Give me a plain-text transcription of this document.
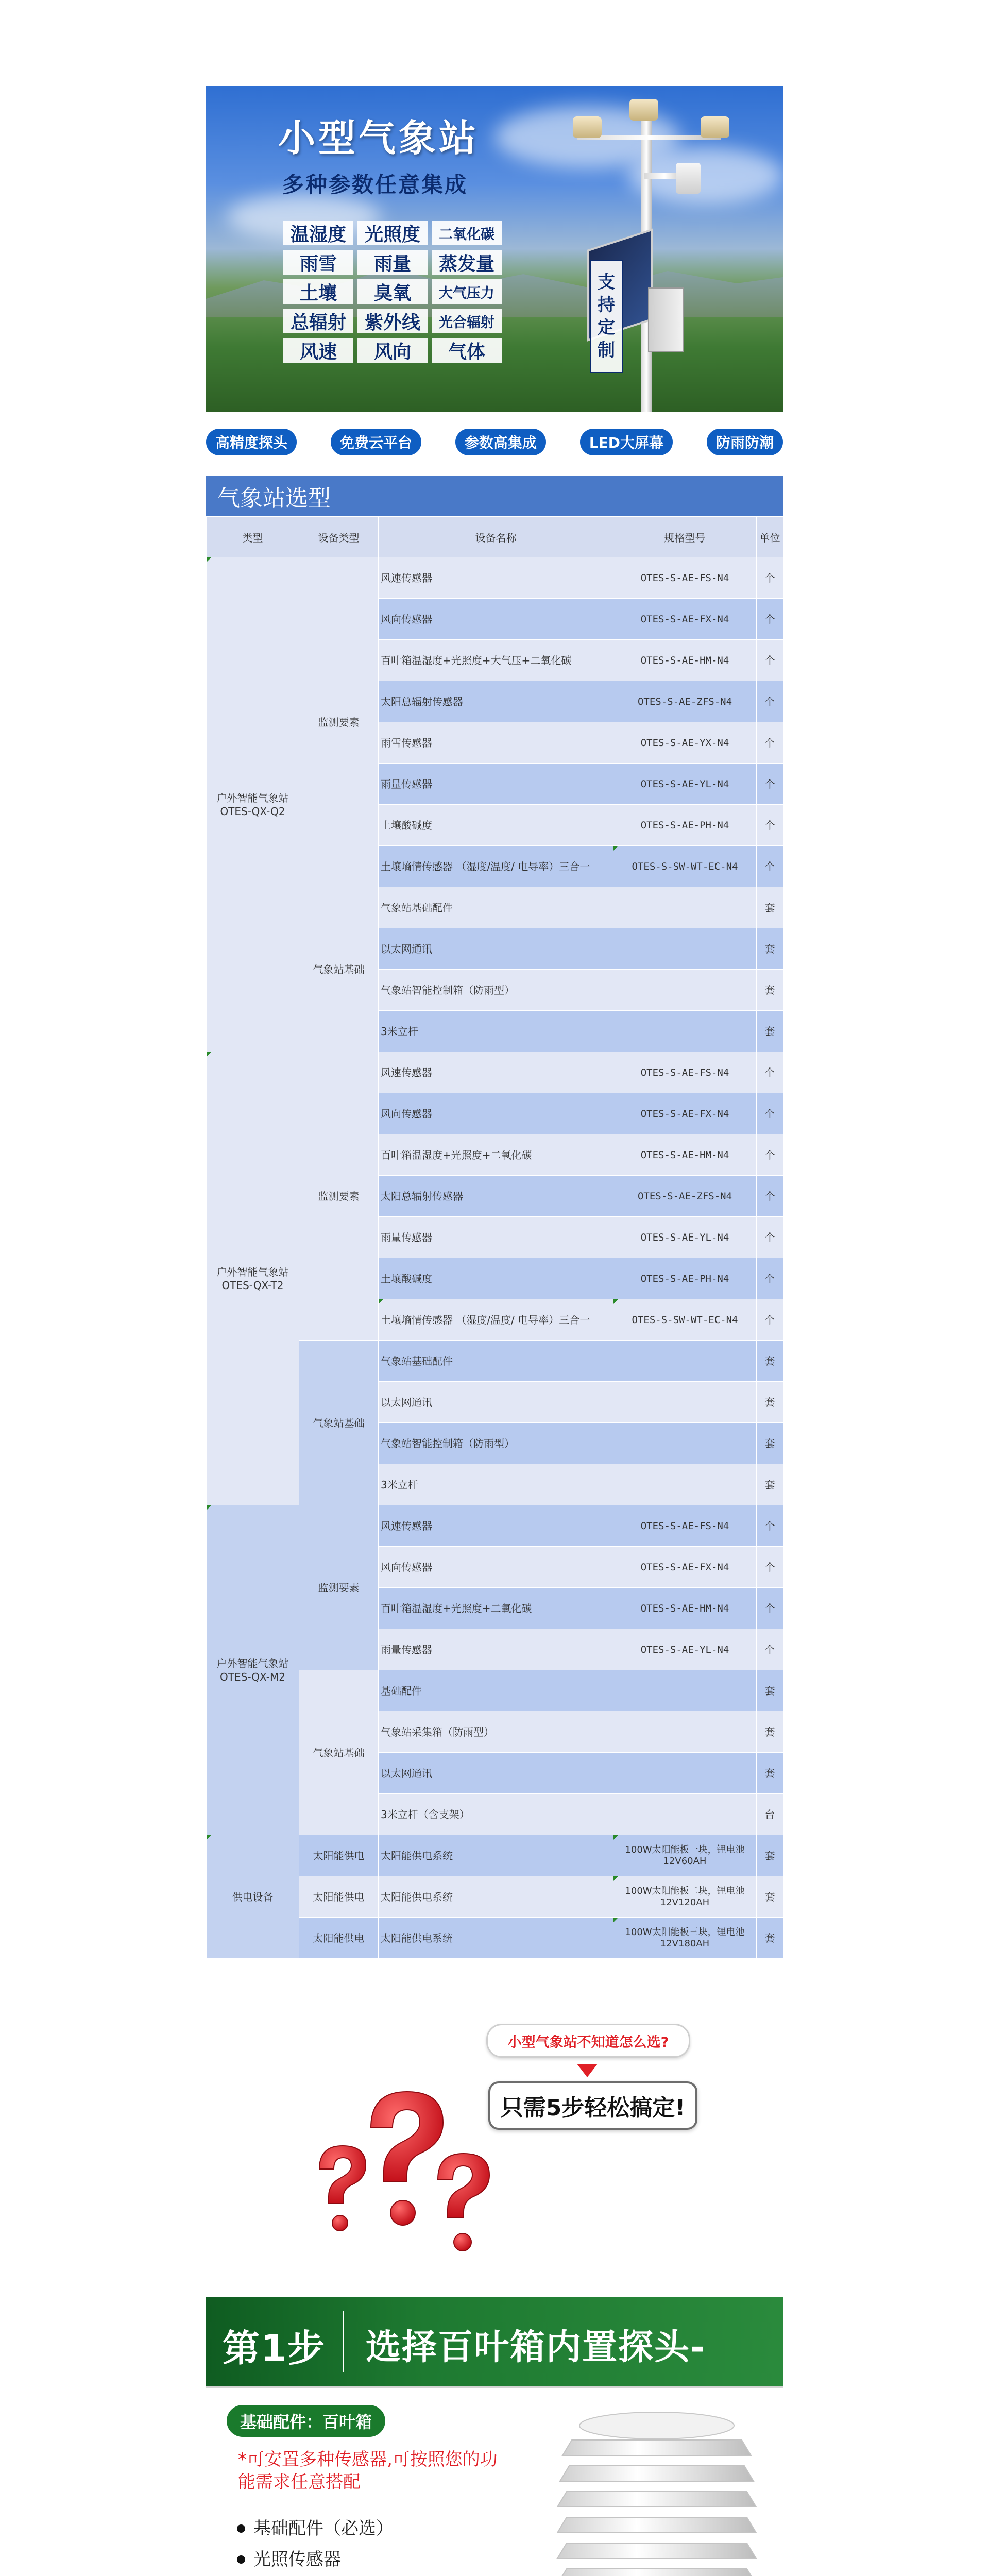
小型气象站
多种参数任意集成
温湿度 光照度	二氧化碳
雨雪	雨量	蒸发量
土壤	臭氧	大气压力
总辐射 紫外线	光合辐射
风速	风向	气体
支持定制
高精度探头	免费云平台	参数高集成	LED大屏幕	防雨防潮
气象站选型
类型	设备类型	设备名称	规格型号	单位
户外智能气象站
OTES-QX-Q2	监测要素	风速传感器	OTES-S-AE-FS-N4	个
		风向传感器	OTES-S-AE-FX-N4	个
		百叶箱温湿度+光照度+大气压+二氧化碳	OTES-S-AE-HM-N4	个
		太阳总辐射传感器	OTES-S-AE-ZFS-N4	个
		雨雪传感器	OTES-S-AE-YX-N4	个
		雨量传感器	OTES-S-AE-YL-N4	个
		土壤酸碱度	OTES-S-AE-PH-N4	个
		土壤墒情传感器 （湿度/温度/ 电导率）三合一	OTES-S-SW-WT-EC-N4	个
	气象站基础	气象站基础配件		套
		以太网通讯		套
		气象站智能控制箱（防雨型）		套
		3米立杆		套
户外智能气象站
OTES-QX-T2	监测要素	风速传感器	OTES-S-AE-FS-N4	个
		风向传感器	OTES-S-AE-FX-N4	个
		百叶箱温湿度+光照度+二氧化碳	OTES-S-AE-HM-N4	个
		太阳总辐射传感器	OTES-S-AE-ZFS-N4	个
		雨量传感器	OTES-S-AE-YL-N4	个
		土壤酸碱度	OTES-S-AE-PH-N4	个
		土壤墒情传感器 （湿度/温度/ 电导率）三合一	OTES-S-SW-WT-EC-N4	个
	气象站基础	气象站基础配件		套
		以太网通讯		套
		气象站智能控制箱（防雨型）		套
		3米立杆		套
户外智能气象站
OTES-QX-M2	监测要素	风速传感器	OTES-S-AE-FS-N4	个
		风向传感器	OTES-S-AE-FX-N4	个
		百叶箱温湿度+光照度+二氧化碳	OTES-S-AE-HM-N4	个
		雨量传感器	OTES-S-AE-YL-N4	个
	气象站基础	基础配件		套
		气象站采集箱（防雨型）		套
		以太网通讯		套
		3米立杆（含支架）		台
供电设备	太阳能供电	太阳能供电系统	100W太阳能板一块，锂电池12V60AH	套
	太阳能供电	太阳能供电系统	100W太阳能板二块，锂电池12V120AH	套
	太阳能供电	太阳能供电系统	100W太阳能板三块，锂电池12V180AH	套
小型气象站不知道怎么选?
只需5步轻松搞定!
第1步 选择百叶箱内置探头-
基础配件：百叶箱
*可安置多种传感器,可按照您的功能需求任意搭配
基础配件（必选）
光照传感器
